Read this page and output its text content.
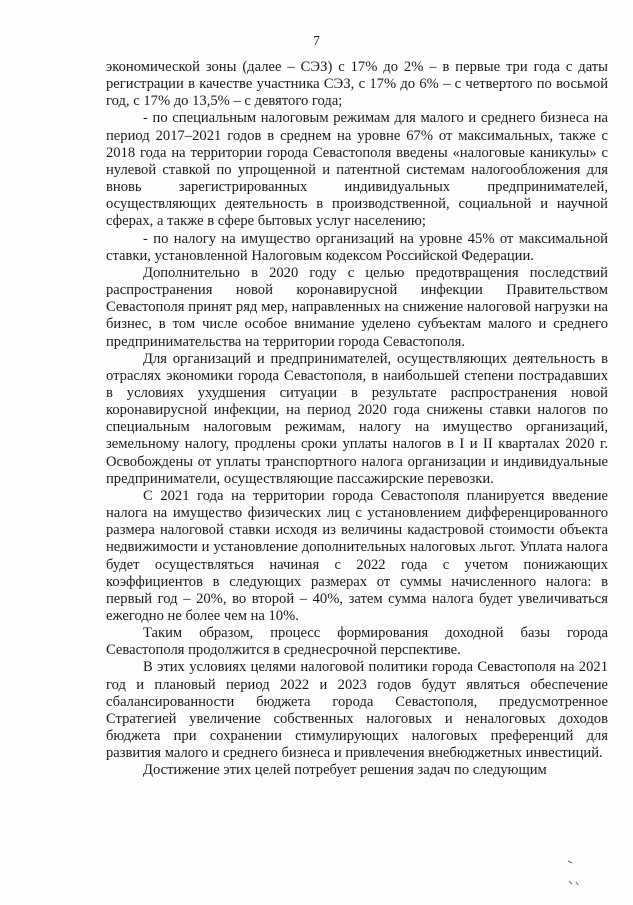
7

экономической зоны (далее – СЭЗ) с 17% до 2% – в первые три года с даты регистрации в качестве участника СЭЗ, с 17% до 6% – с четвертого по восьмой год, с 17% до 13,5% – с девятого года;

- по специальным налоговым режимам для малого и среднего бизнеса на период 2017–2021 годов в среднем на уровне 67% от максимальных, также с 2018 года на территории города Севастополя введены «налоговые каникулы» с нулевой ставкой по упрощенной и патентной системам налогообложения для вновь зарегистрированных индивидуальных предпринимателей, осуществляющих деятельность в производственной, социальной и научной сферах, а также в сфере бытовых услуг населению;

- по налогу на имущество организаций на уровне 45% от максимальной ставки, установленной Налоговым кодексом Российской Федерации.

Дополнительно в 2020 году с целью предотвращения последствий распространения новой коронавирусной инфекции Правительством Севастополя принят ряд мер, направленных на снижение налоговой нагрузки на бизнес, в том числе особое внимание уделено субъектам малого и среднего предпринимательства на территории города Севастополя.

Для организаций и предпринимателей, осуществляющих деятельность в отраслях экономики города Севастополя, в наибольшей степени пострадавших в условиях ухудшения ситуации в результате распространения новой коронавирусной инфекции, на период 2020 года снижены ставки налогов по специальным налоговым режимам, налогу на имущество организаций, земельному налогу, продлены сроки уплаты налогов в I и II кварталах 2020 г. Освобождены от уплаты транспортного налога организации и индивидуальные предприниматели, осуществляющие пассажирские перевозки.

С 2021 года на территории города Севастополя планируется введение налога на имущество физических лиц с установлением дифференцированного размера налоговой ставки исходя из величины кадастровой стоимости объекта недвижимости и установление дополнительных налоговых льгот. Уплата налога будет осуществляться начиная с 2022 года с учетом понижающих коэффициентов в следующих размерах от суммы начисленного налога: в первый год – 20%, во второй – 40%, затем сумма налога будет увеличиваться ежегодно не более чем на 10%.

Таким образом, процесс формирования доходной базы города Севастополя продолжится в среднесрочной перспективе.

В этих условиях целями налоговой политики города Севастополя на 2021 год и плановый период 2022 и 2023 годов будут являться обеспечение сбалансированности бюджета города Севастополя, предусмотренное Стратегией увеличение собственных налоговых и неналоговых доходов бюджета при сохранении стимулирующих налоговых преференций для развития малого и среднего бизнеса и привлечения внебюджетных инвестиций.

Достижение этих целей потребует решения задач по следующим
